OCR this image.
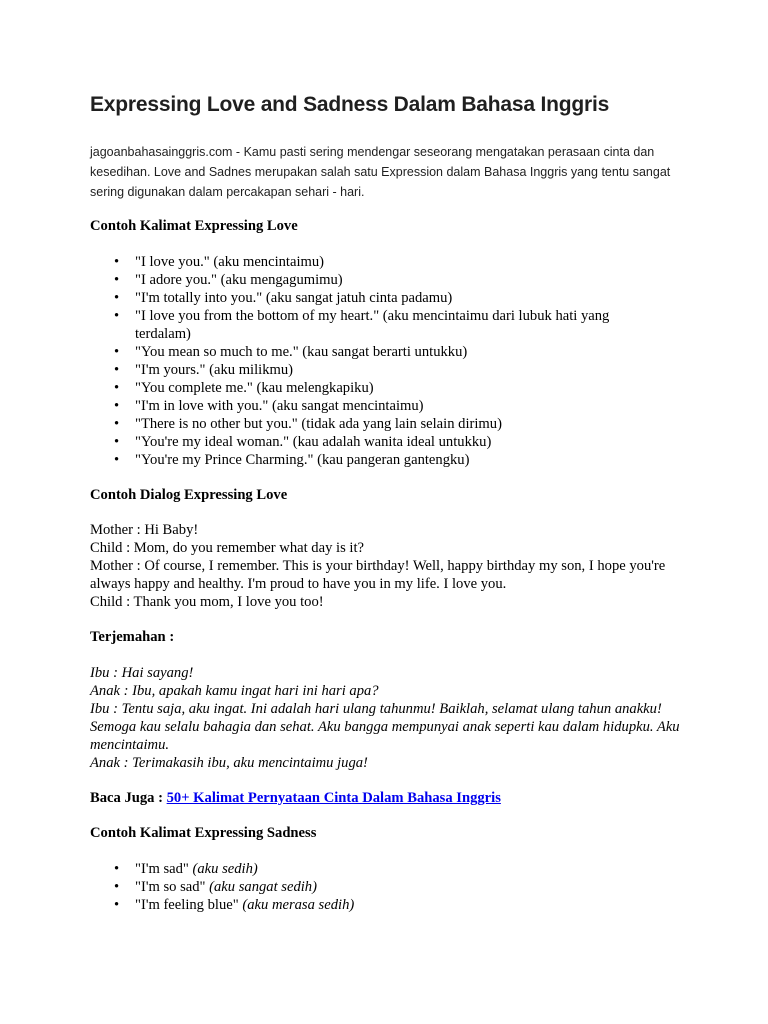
Expressing Love and Sadness Dalam Bahasa Inggris

jagoanbahasainggris.com - Kamu pasti sering mendengar seseorang mengatakan perasaan cinta dan kesedihan. Love and Sadnes merupakan salah satu Expression dalam Bahasa Inggris yang tentu sangat sering digunakan dalam percakapan sehari - hari.

Contoh Kalimat Expressing Love

• "I love you." (aku mencintaimu)
• "I adore you." (aku mengagumimu)
• "I'm totally into you." (aku sangat jatuh cinta padamu)
• "I love you from the bottom of my heart." (aku mencintaimu dari lubuk hati yang terdalam)
• "You mean so much to me." (kau sangat berarti untukku)
• "I'm yours." (aku milikmu)
• "You complete me." (kau melengkapiku)
• "I'm in love with you." (aku sangat mencintaimu)
• "There is no other but you." (tidak ada yang lain selain dirimu)
• "You're my ideal woman." (kau adalah wanita ideal untukku)
• "You're my Prince Charming." (kau pangeran gantengku)

Contoh Dialog Expressing Love

Mother : Hi Baby!
Child : Mom, do you remember what day is it?
Mother : Of course, I remember. This is your birthday! Well, happy birthday my son, I hope you're always happy and healthy. I'm proud to have you in my life. I love you.
Child : Thank you mom, I love you too!

Terjemahan :

Ibu : Hai sayang!
Anak : Ibu, apakah kamu ingat hari ini hari apa?
Ibu : Tentu saja, aku ingat. Ini adalah hari ulang tahunmu! Baiklah, selamat ulang tahun anakku! Semoga kau selalu bahagia dan sehat. Aku bangga mempunyai anak seperti kau dalam hidupku. Aku mencintaimu.
Anak : Terimakasih ibu, aku mencintaimu juga!

Baca Juga : 50+ Kalimat Pernyataan Cinta Dalam Bahasa Inggris

Contoh Kalimat Expressing Sadness

• "I'm sad" (aku sedih)
• "I'm so sad" (aku sangat sedih)
• "I'm feeling blue" (aku merasa sedih)
